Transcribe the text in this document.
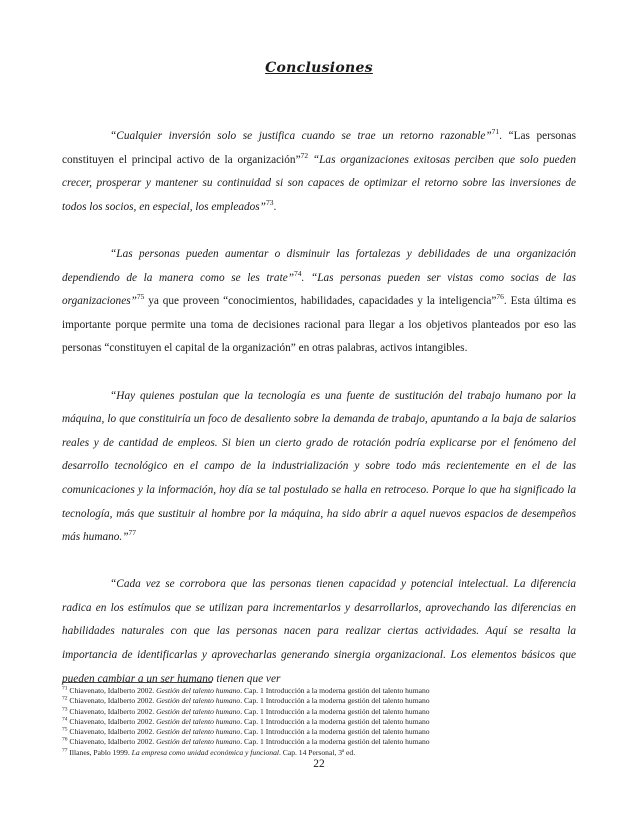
Conclusiones

“Cualquier inversión solo se justifica cuando se trae un retorno razonable”$^{71}$. “Las personas constituyen el principal activo de la organización”$^{72}$ “Las organizaciones exitosas perciben que solo pueden crecer, prosperar y mantener su continuidad si son capaces de optimizar el retorno sobre las inversiones de todos los socios, en especial, los empleados”$^{73}$.

“Las personas pueden aumentar o disminuir las fortalezas y debilidades de una organización dependiendo de la manera como se les trate”$^{74}$. “Las personas pueden ser vistas como socias de las organizaciones”$^{75}$ ya que proveen “conocimientos, habilidades, capacidades y la inteligencia”$^{76}$. Esta última es importante porque permite una toma de decisiones racional para llegar a los objetivos planteados por eso las personas “constituyen el capital de la organización” en otras palabras, activos intangibles.

“Hay quienes postulan que la tecnología es una fuente de sustitución del trabajo humano por la máquina, lo que constituiría un foco de desaliento sobre la demanda de trabajo, apuntando a la baja de salarios reales y de cantidad de empleos. Si bien un cierto grado de rotación podría explicarse por el fenómeno del desarrollo tecnológico en el campo de la industrialización y sobre todo más recientemente en el de las comunicaciones y la información, hoy día se tal postulado se halla en retroceso. Porque lo que ha significado la tecnología, más que sustituir al hombre por la máquina, ha sido abrir a aquel nuevos espacios de desempeños más humano.”$^{77}$

“Cada vez se corrobora que las personas tienen capacidad y potencial intelectual. La diferencia radica en los estímulos que se utilizan para incrementarlos y desarrollarlos, aprovechando las diferencias en habilidades naturales con que las personas nacen para realizar ciertas actividades. Aquí se resalta la importancia de identificarlas y aprovecharlas generando sinergia organizacional. Los elementos básicos que pueden cambiar a un ser humano tienen que ver

$^{71}$ Chiavenato, Idalberto 2002. Gestión del talento humano. Cap. 1 Introducción a la moderna gestión del talento humano
$^{72}$ Chiavenato, Idalberto 2002. Gestión del talento humano. Cap. 1 Introducción a la moderna gestión del talento humano
$^{73}$ Chiavenato, Idalberto 2002. Gestión del talento humano. Cap. 1 Introducción a la moderna gestión del talento humano
$^{74}$ Chiavenato, Idalberto 2002. Gestión del talento humano. Cap. 1 Introducción a la moderna gestión del talento humano
$^{75}$ Chiavenato, Idalberto 2002. Gestión del talento humano. Cap. 1 Introducción a la moderna gestión del talento humano
$^{76}$ Chiavenato, Idalberto 2002. Gestión del talento humano. Cap. 1 Introducción a la moderna gestión del talento humano
$^{77}$ Illanes, Pablo 1999. La empresa como unidad económica y funcional. Cap. 14 Personal, 3ª ed.
22
